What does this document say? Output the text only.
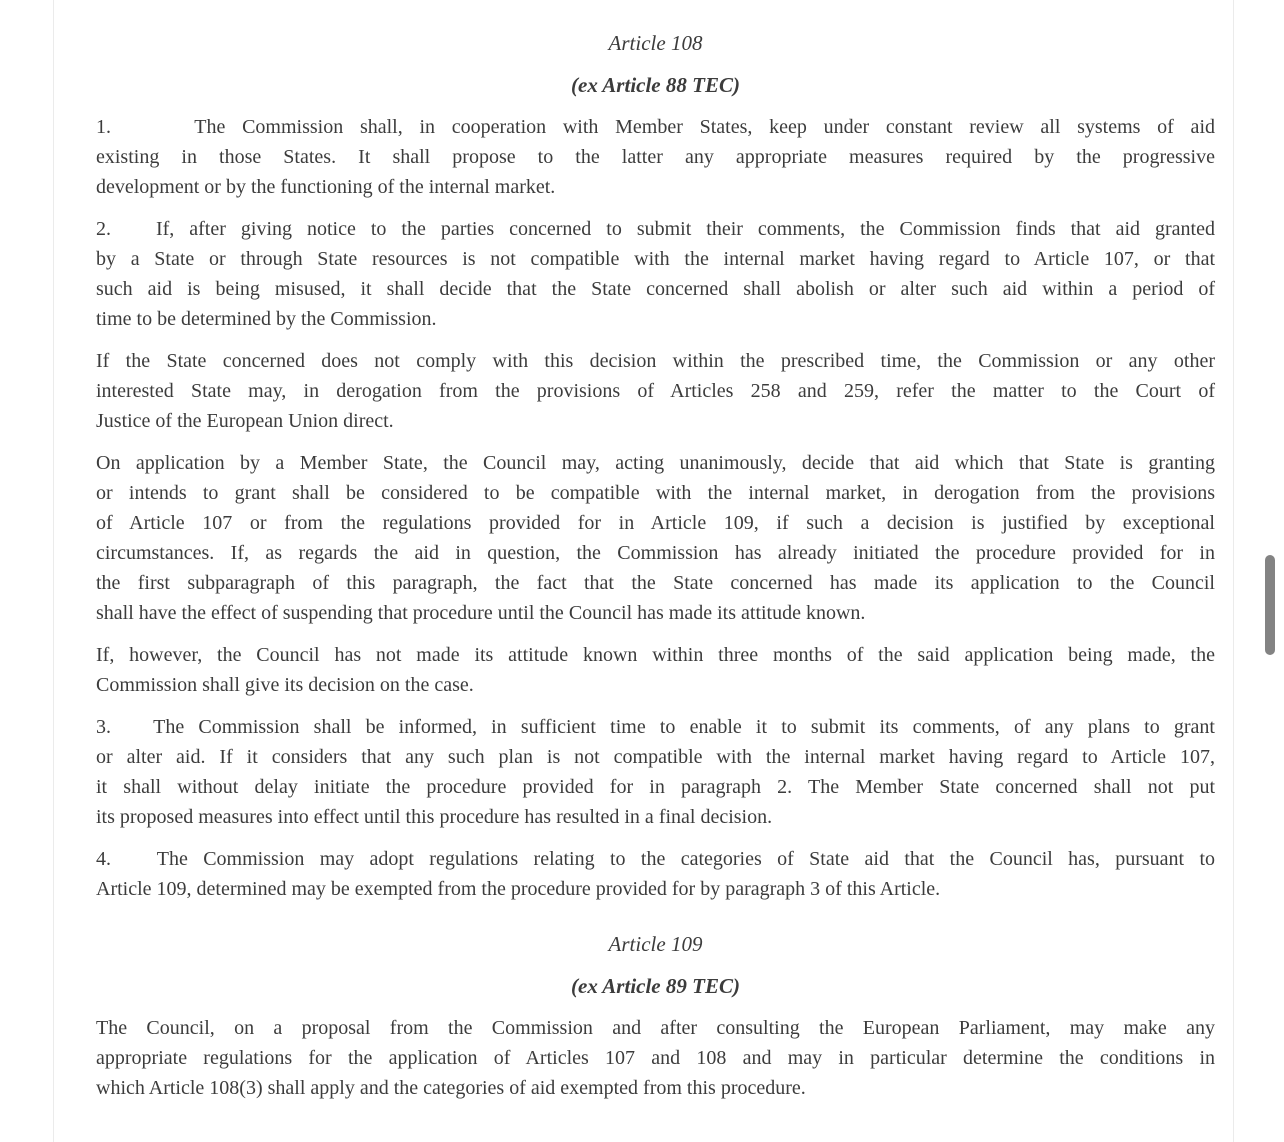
Article 108
(ex Article 88 TEC)
1.     The Commission shall, in cooperation with Member States, keep under constant review all systems of aid
existing in those States. It shall propose to the latter any appropriate measures required by the progressive
development or by the functioning of the internal market.
2.   If, after giving notice to the parties concerned to submit their comments, the Commission finds that aid granted
by a State or through State resources is not compatible with the internal market having regard to Article 107, or that
such aid is being misused, it shall decide that the State concerned shall abolish or alter such aid within a period of
time to be determined by the Commission.
If the State concerned does not comply with this decision within the prescribed time, the Commission or any other
interested State may, in derogation from the provisions of Articles 258 and 259, refer the matter to the Court of
Justice of the European Union direct.
On application by a Member State, the Council may, acting unanimously, decide that aid which that State is granting
or intends to grant shall be considered to be compatible with the internal market, in derogation from the provisions
of Article 107 or from the regulations provided for in Article 109, if such a decision is justified by exceptional
circumstances. If, as regards the aid in question, the Commission has already initiated the procedure provided for in
the first subparagraph of this paragraph, the fact that the State concerned has made its application to the Council
shall have the effect of suspending that procedure until the Council has made its attitude known.
If, however, the Council has not made its attitude known within three months of the said application being made, the
Commission shall give its decision on the case.
3.   The Commission shall be informed, in sufficient time to enable it to submit its comments, of any plans to grant
or alter aid. If it considers that any such plan is not compatible with the internal market having regard to Article 107,
it shall without delay initiate the procedure provided for in paragraph 2. The Member State concerned shall not put
its proposed measures into effect until this procedure has resulted in a final decision.
4.   The Commission may adopt regulations relating to the categories of State aid that the Council has, pursuant to
Article 109, determined may be exempted from the procedure provided for by paragraph 3 of this Article.
Article 109
(ex Article 89 TEC)
The Council, on a proposal from the Commission and after consulting the European Parliament, may make any
appropriate regulations for the application of Articles 107 and 108 and may in particular determine the conditions in
which Article 108(3) shall apply and the categories of aid exempted from this procedure.
